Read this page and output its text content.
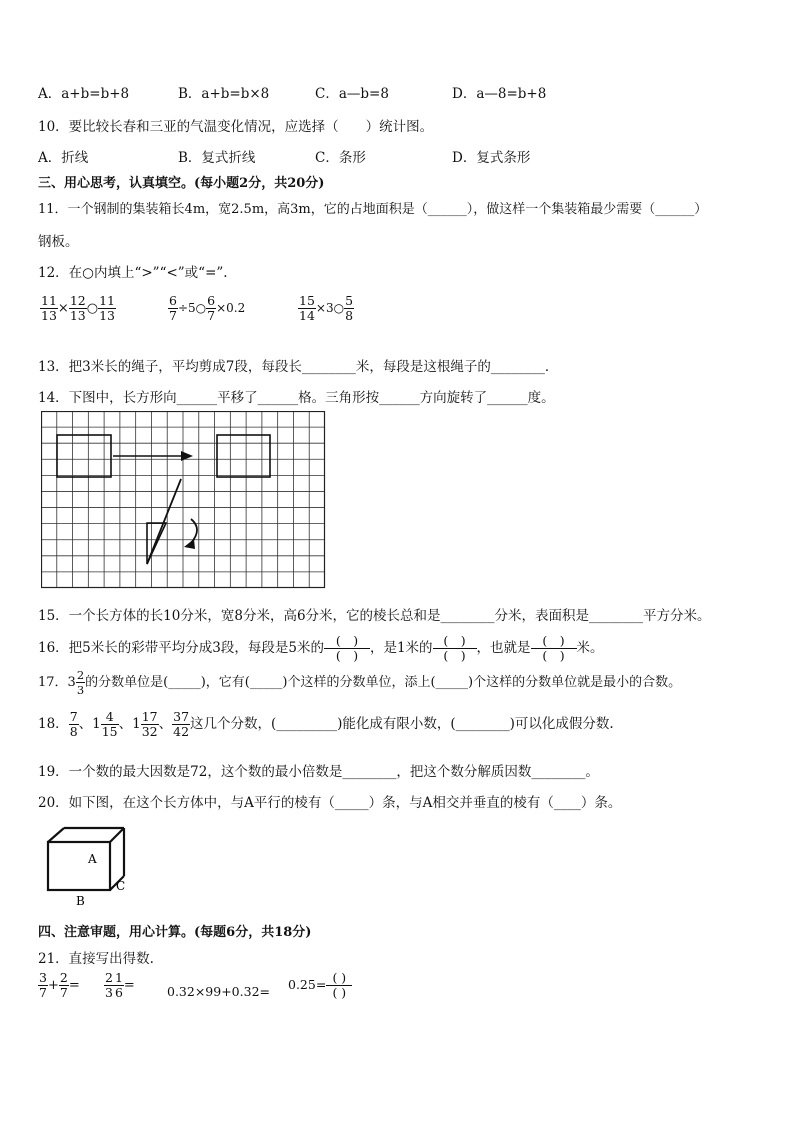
A．a+b=b+8	B．a+b=b×8	C．a—b=8	D．a—8=b+8
10．要比较长春和三亚的气温变化情况，应选择（　　）统计图。
A．折线	B．复式折线	C．条形	D．复式条形
三、用心思考，认真填空。(每小题2分，共20分)
11．一个钢制的集装箱长4m，宽2.5m，高3m，它的占地面积是（______），做这样一个集装箱最少需要（______）
钢板。
12．在○内填上“>”“<”或“=”.
$\frac{11}{13} \times \frac{12}{13}$ ○ $\frac{11}{13}$	$\frac{6}{7}$ ÷5○ $\frac{6}{7} \times 0.2$	$\frac{15}{14}$ ×3○ $\frac{5}{8}$
13．把3米长的绳子，平均剪成7段，每段长________米，每段是这根绳子的________．
14．下图中，长方形向______平移了______格。三角形按______方向旋转了______度。
15．一个长方体的长10分米，宽8分米，高6分米，它的棱长总和是________分米，表面积是________平方分米。
16．把5米长的彩带平均分成3段，每段是5米的 $\frac{( )}{( )}$ ，是1米的 $\frac{( )}{( )}$ ，也就是 $\frac{( )}{( )}$ 米。
17．$3 \frac{2}{3}$ 的分数单位是(_____)，它有(_____)个这样的分数单位，添上(_____)个这样的分数单位就是最小的合数。
18． $\frac{7}{8}$ 、$1 \frac{4}{15}$ 、$1 \frac{17}{32}$ 、 $\frac{37}{42}$ 这几个分数，(_________)能化成有限小数，(________)可以化成假分数.
19．一个数的最大因数是72，这个数的最小倍数是________，把这个数分解质因数________。
20．如下图，在这个长方体中，与A平行的棱有（_____）条，与A相交并垂直的棱有（____）条。
A
C
B
四、注意审题，用心计算。(每题6分，共18分)
21．直接写出得数.
$\frac{3}{7} + \frac{2}{7} = \frac{2}{3} \frac{1}{6}$ =	$0.32\times 99+0.32= 0.25= \frac{( )}{( )}$
